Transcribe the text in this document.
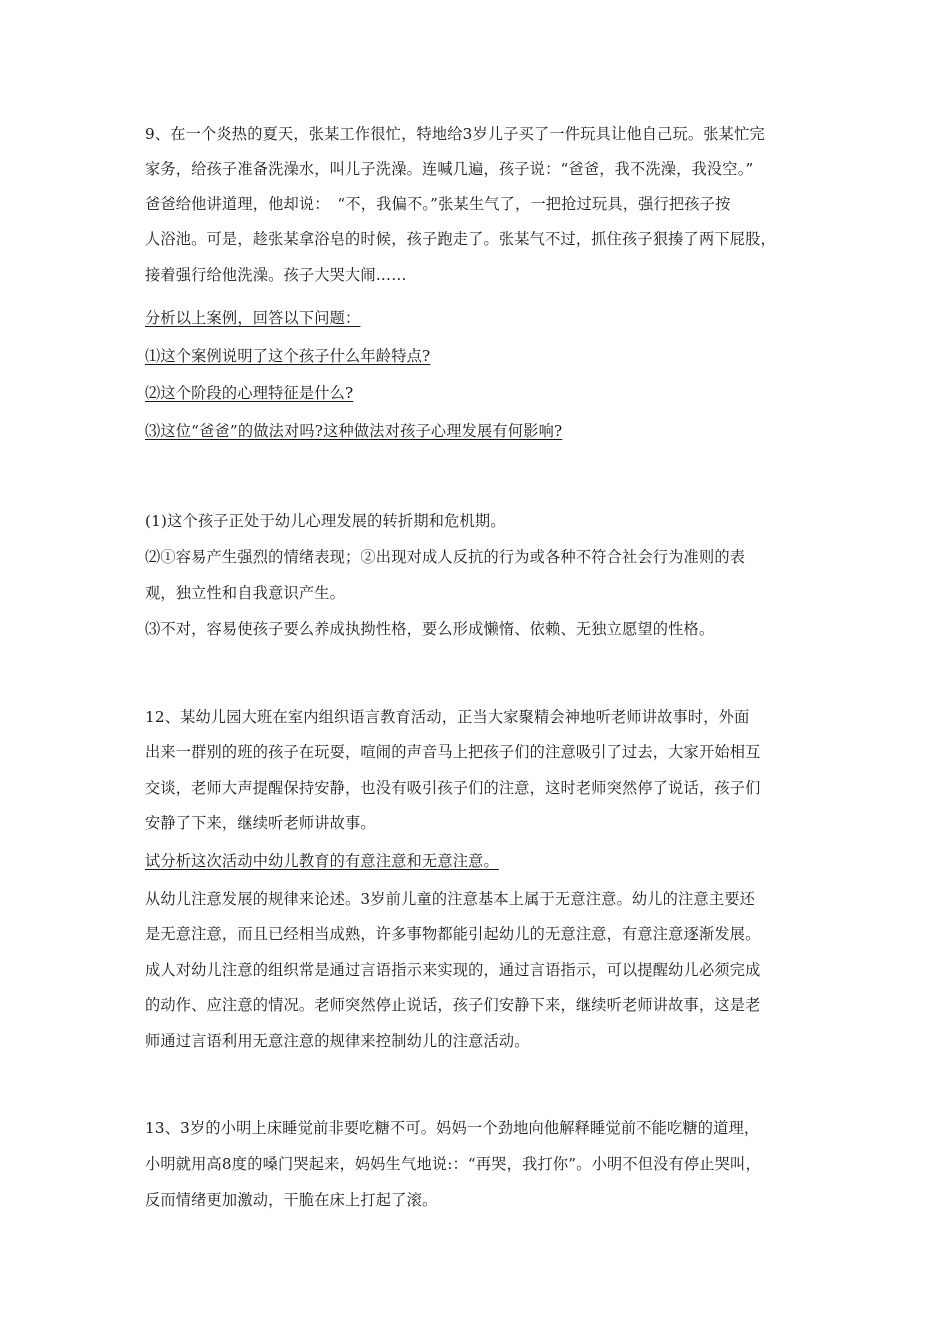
9、在一个炎热的夏天，张某工作很忙，特地给3岁儿子买了一件玩具让他自己玩。张某忙完
家务，给孩子准备洗澡水，叫儿子洗澡。连喊几遍，孩子说：“爸爸，我不洗澡，我没空。”
爸爸给他讲道理，他却说：　“不，我偏不。”张某生气了，一把抢过玩具，强行把孩子按
人浴池。可是，趁张某拿浴皂的时候，孩子跑走了。张某气不过，抓住孩子狠揍了两下屁股，
接着强行给他洗澡。孩子大哭大闹……
分析以上案例，回答以下问题：
⑴这个案例说明了这个孩子什么年龄特点?
⑵这个阶段的心理特征是什么?
⑶这位“爸爸”的做法对吗?这种做法对孩子心理发展有何影响?
(1)这个孩子正处于幼儿心理发展的转折期和危机期。
⑵①容易产生强烈的情绪表现；②出现对成人反抗的行为或各种不符合社会行为准则的表
观，独立性和自我意识产生。
⑶不对，容易使孩子要么养成执拗性格，要么形成懒惰、依赖、无独立愿望的性格。
12、某幼儿园大班在室内组织语言教育活动，正当大家聚精会神地听老师讲故事时，外面
出来一群别的班的孩子在玩耍，喧闹的声音马上把孩子们的注意吸引了过去，大家开始相互
交谈，老师大声提醒保持安静，也没有吸引孩子们的注意，这时老师突然停了说话，孩子们
安静了下来，继续听老师讲故事。
试分析这次活动中幼儿教育的有意注意和无意注意。
从幼儿注意发展的规律来论述。3岁前儿童的注意基本上属于无意注意。幼儿的注意主要还
是无意注意，而且已经相当成熟，许多事物都能引起幼儿的无意注意，有意注意逐渐发展。
成人对幼儿注意的组织常是通过言语指示来实现的，通过言语指示，可以提醒幼儿必须完成
的动作、应注意的情况。老师突然停止说话，孩子们安静下来，继续听老师讲故事，这是老
师通过言语利用无意注意的规律来控制幼儿的注意活动。
13、3岁的小明上床睡觉前非要吃糖不可。妈妈一个劲地向他解释睡觉前不能吃糖的道理，
小明就用高8度的嗓门哭起来，妈妈生气地说:：“再哭，我打你”。小明不但没有停止哭叫，
反而情绪更加激动，干脆在床上打起了滚。
